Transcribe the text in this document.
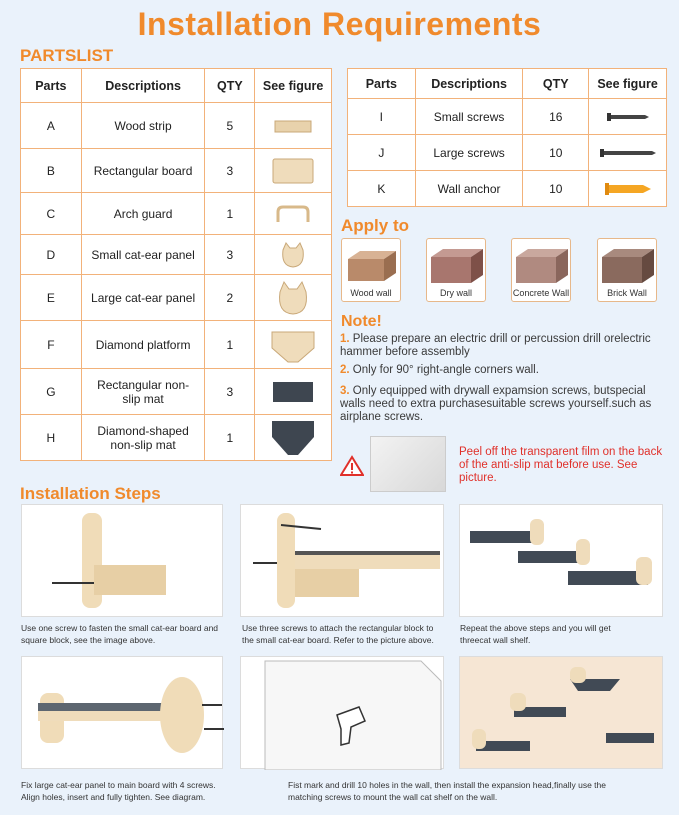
Installation Requirements
PARTSLIST
Parts	Descriptions	QTY	See figure
A	Wood strip	5	

B	Rectangular board	3	

C	Arch guard	1	

D	Small cat-ear panel	3	

E	Large cat-ear panel	2	

F	Diamond platform	1	

G	Rectangular non-slip mat	3	

H	Diamond-shaped non-slip mat	1	
Parts	Descriptions	QTY	See figure
I	Small screws	16	

J	Large screws	10	

K	Wall anchor	10	
Apply to
Wood wall	Dry wall	Concrete Wall	Brick Wall
Note!
1. Please prepare an electric drill or percussion drill orelectric hammer before assembly
2. Only for 90° right-angle corners wall.
3. Only equipped with drywall expamsion screws, butspecial walls need to extra purchasesuitable screws yourself.such as airplane screws.
Peel off the transparent film on the back of the anti-slip mat before use. See picture.
Installation Steps
Use one screw to fasten the small cat-ear board and square block, see the image above.
Use three screws to attach the rectangular block to the small cat-ear board. Refer to the picture above.
Repeat the above steps and you will get threecat wall shelf.
Fix large cat-ear panel to main board with 4 screws. Align holes, insert and fully tighten. See diagram.
Fist mark and drill 10 holes in the wall, then install the expansion head,finally use the matching screws to mount the wall cat shelf on the wall.
